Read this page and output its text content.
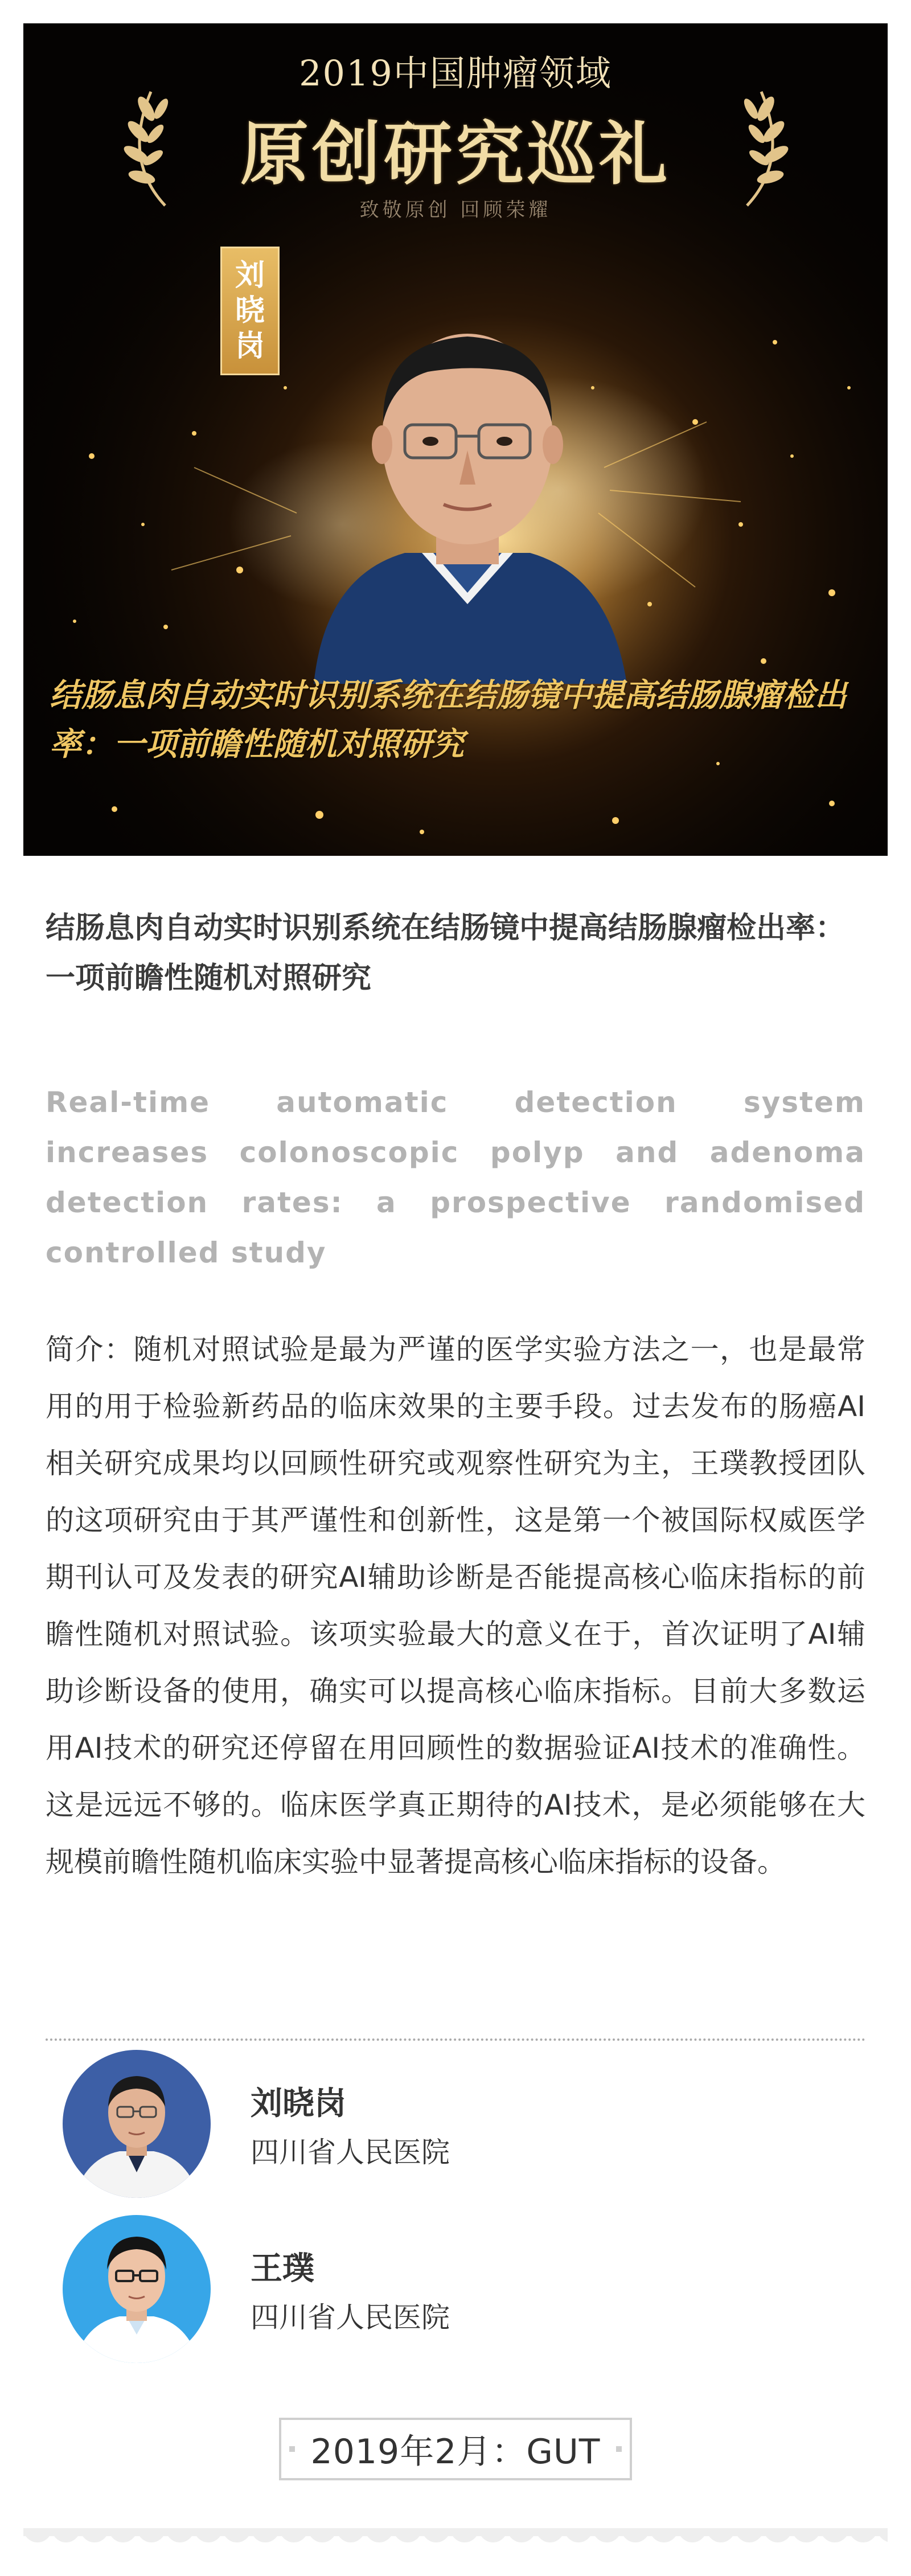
2019中国肿瘤领域
原创研究巡礼
致敬原创 回顾荣耀
刘晓岗
结肠息肉自动实时识别系统在结肠镜中提高结肠腺瘤检出率：一项前瞻性随机对照研究
结肠息肉自动实时识别系统在结肠镜中提高结肠腺瘤检出率：一项前瞻性随机对照研究
Real-time automatic detection system increases colonoscopic polyp and adenoma detection rates: a prospective randomised controlled study
简介：随机对照试验是最为严谨的医学实验方法之一，也是最常用的用于检验新药品的临床效果的主要手段。过去发布的肠癌AI相关研究成果均以回顾性研究或观察性研究为主，王璞教授团队的这项研究由于其严谨性和创新性，这是第一个被国际权威医学期刊认可及发表的研究AI辅助诊断是否能提高核心临床指标的前瞻性随机对照试验。该项实验最大的意义在于，首次证明了AI辅助诊断设备的使用，确实可以提高核心临床指标。目前大多数运用AI技术的研究还停留在用回顾性的数据验证AI技术的准确性。这是远远不够的。临床医学真正期待的AI技术，是必须能够在大规模前瞻性随机临床实验中显著提高核心临床指标的设备。
刘晓岗
四川省人民医院
王璞
四川省人民医院
2019年2月：GUT
